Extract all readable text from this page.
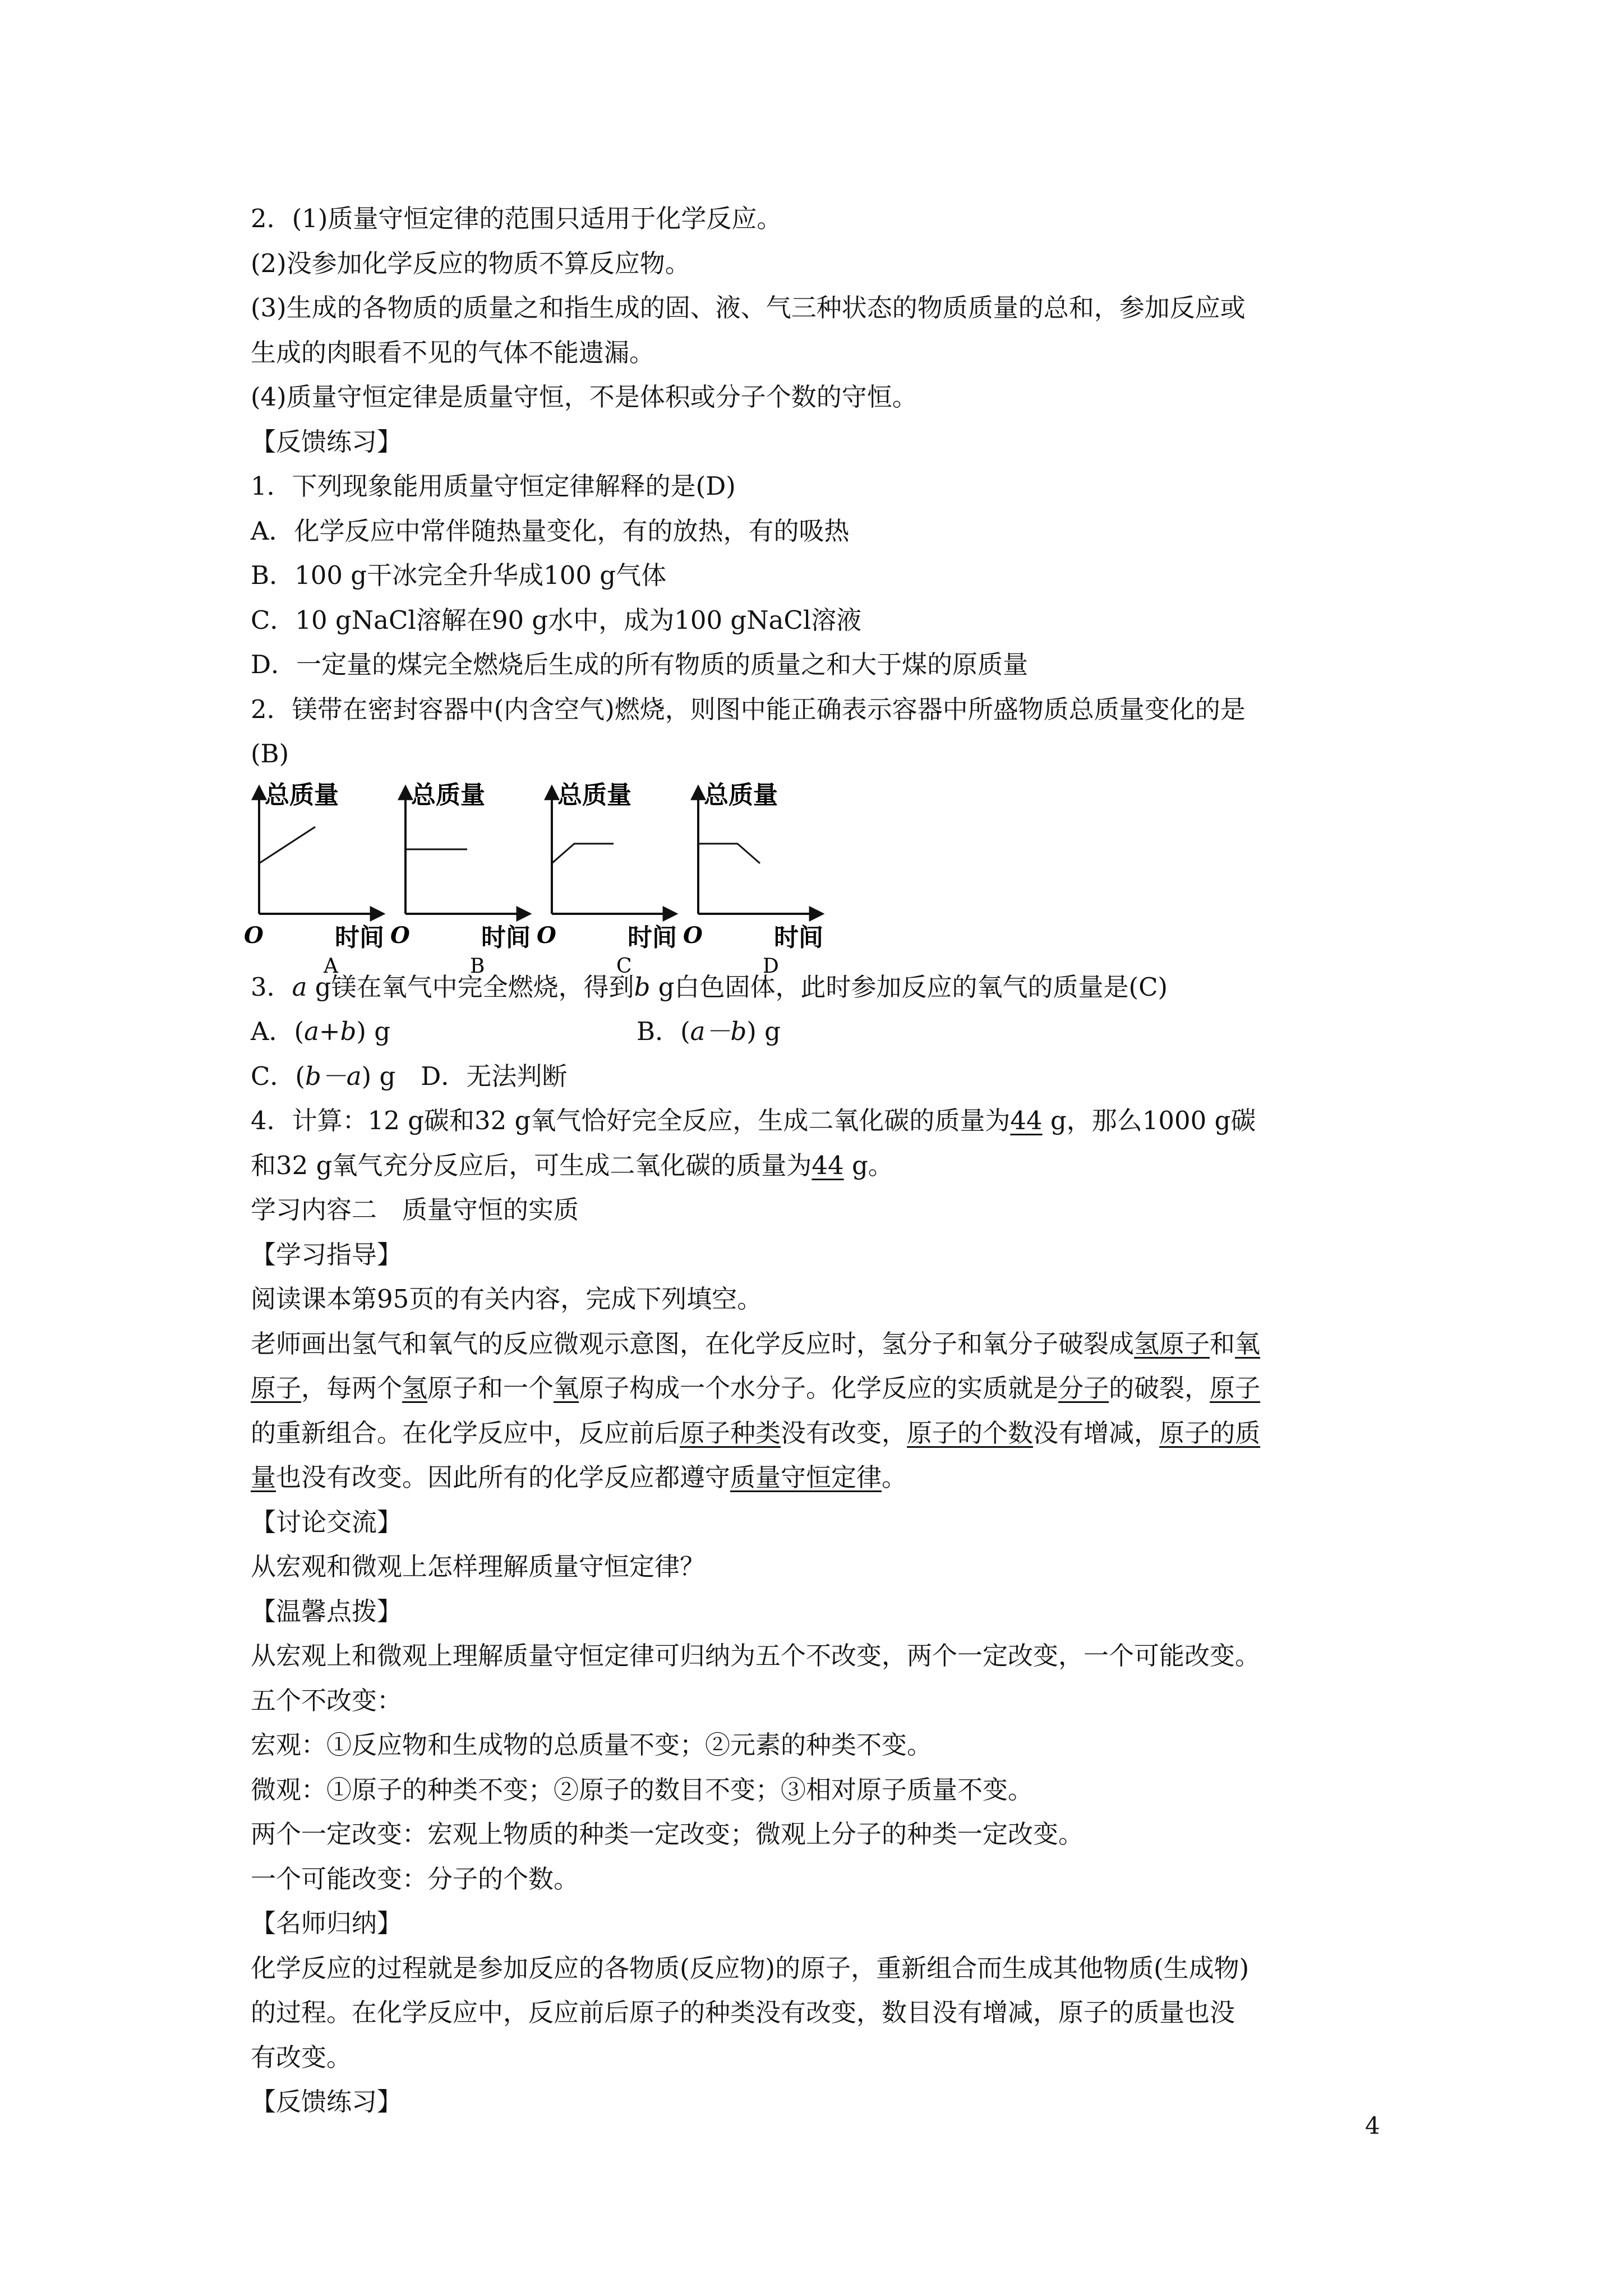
2．(1)质量守恒定律的范围只适用于化学反应。
(2)没参加化学反应的物质不算反应物。
(3)生成的各物质的质量之和指生成的固、液、气三种状态的物质质量的总和，参加反应或
生成的肉眼看不见的气体不能遗漏。
(4)质量守恒定律是质量守恒，不是体积或分子个数的守恒。
【反馈练习】
1．下列现象能用质量守恒定律解释的是(D)
A．化学反应中常伴随热量变化，有的放热，有的吸热
B．100 g干冰完全升华成100 g气体
C．10 gNaCl溶解在90 g水中，成为100 gNaCl溶液
D．一定量的煤完全燃烧后生成的所有物质的质量之和大于煤的原质量
2．镁带在密封容器中(内含空气)燃烧，则图中能正确表示容器中所盛物质总质量变化的是
(B)
总质量
O	时间
A
总质量
O	时间
B
总质量
O	时间
C
总质量
O	时间
D
3．a g镁在氧气中完全燃烧，得到b g白色固体，此时参加反应的氧气的质量是(C)
A．(a+b) g	B．(a－b) g
C．(b－a) g　D．无法判断
4．计算：12 g碳和32 g氧气恰好完全反应，生成二氧化碳的质量为44 g，那么1000 g碳
和32 g氧气充分反应后，可生成二氧化碳的质量为44 g。
学习内容二　质量守恒的实质
【学习指导】
阅读课本第95页的有关内容，完成下列填空。
老师画出氢气和氧气的反应微观示意图，在化学反应时，氢分子和氧分子破裂成氢原子和氧
原子，每两个氢原子和一个氧原子构成一个水分子。化学反应的实质就是分子的破裂，原子
的重新组合。在化学反应中，反应前后原子种类没有改变，原子的个数没有增减，原子的质
量也没有改变。因此所有的化学反应都遵守质量守恒定律。
【讨论交流】
从宏观和微观上怎样理解质量守恒定律？
【温馨点拨】
从宏观上和微观上理解质量守恒定律可归纳为五个不改变，两个一定改变，一个可能改变。
五个不改变：
宏观：①反应物和生成物的总质量不变；②元素的种类不变。
微观：①原子的种类不变；②原子的数目不变；③相对原子质量不变。
两个一定改变：宏观上物质的种类一定改变；微观上分子的种类一定改变。
一个可能改变：分子的个数。
【名师归纳】
化学反应的过程就是参加反应的各物质(反应物)的原子，重新组合而生成其他物质(生成物)
的过程。在化学反应中，反应前后原子的种类没有改变，数目没有增减，原子的质量也没
有改变。
【反馈练习】
4
